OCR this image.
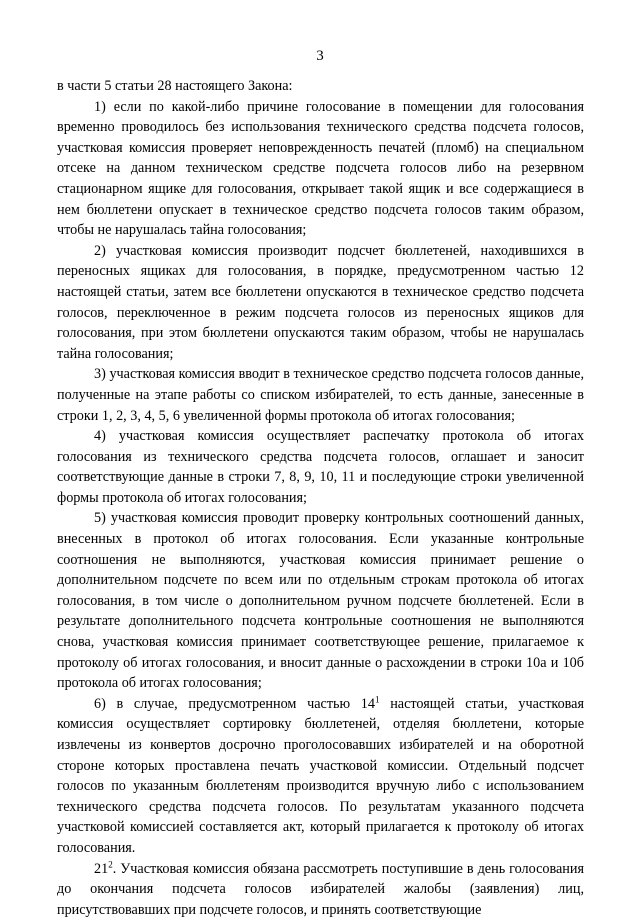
3

в части 5 статьи 28 настоящего Закона:

1) если по какой-либо причине голосование в помещении для голосования временно проводилось без использования технического средства подсчета голосов, участковая комиссия проверяет неповрежденность печатей (пломб) на специальном отсеке на данном техническом средстве подсчета голосов либо на резервном стационарном ящике для голосования, открывает такой ящик и все содержащиеся в нем бюллетени опускает в техническое средство подсчета голосов таким образом, чтобы не нарушалась тайна голосования;

2) участковая комиссия производит подсчет бюллетеней, находившихся в переносных ящиках для голосования, в порядке, предусмотренном частью 12 настоящей статьи, затем все бюллетени опускаются в техническое средство подсчета голосов, переключенное в режим подсчета голосов из переносных ящиков для голосования, при этом бюллетени опускаются таким образом, чтобы не нарушалась тайна голосования;

3) участковая комиссия вводит в техническое средство подсчета голосов данные, полученные на этапе работы со списком избирателей, то есть данные, занесенные в строки 1, 2, 3, 4, 5, 6 увеличенной формы протокола об итогах голосования;

4) участковая комиссия осуществляет распечатку протокола об итогах голосования из технического средства подсчета голосов, оглашает и заносит соответствующие данные в строки 7, 8, 9, 10, 11 и последующие строки увеличенной формы протокола об итогах голосования;

5) участковая комиссия проводит проверку контрольных соотношений данных, внесенных в протокол об итогах голосования. Если указанные контрольные соотношения не выполняются, участковая комиссия принимает решение о дополнительном подсчете по всем или по отдельным строкам протокола об итогах голосования, в том числе о дополнительном ручном подсчете бюллетеней. Если в результате дополнительного подсчета контрольные соотношения не выполняются снова, участковая комиссия принимает соответствующее решение, прилагаемое к протоколу об итогах голосования, и вносит данные о расхождении в строки 10а и 10б протокола об итогах голосования;

6) в случае, предусмотренном частью $14^1$ настоящей статьи, участковая комиссия осуществляет сортировку бюллетеней, отделяя бюллетени, которые извлечены из конвертов досрочно проголосовавших избирателей и на оборотной стороне которых проставлена печать участковой комиссии. Отдельный подсчет голосов по указанным бюллетеням производится вручную либо с использованием технического средства подсчета голосов. По результатам указанного подсчета участковой комиссией составляется акт, который прилагается к протоколу об итогах голосования.

$21^2$. Участковая комиссия обязана рассмотреть поступившие в день голосования до окончания подсчета голосов избирателей жалобы (заявления) лиц, присутствовавших при подсчете голосов, и принять соответствующие
